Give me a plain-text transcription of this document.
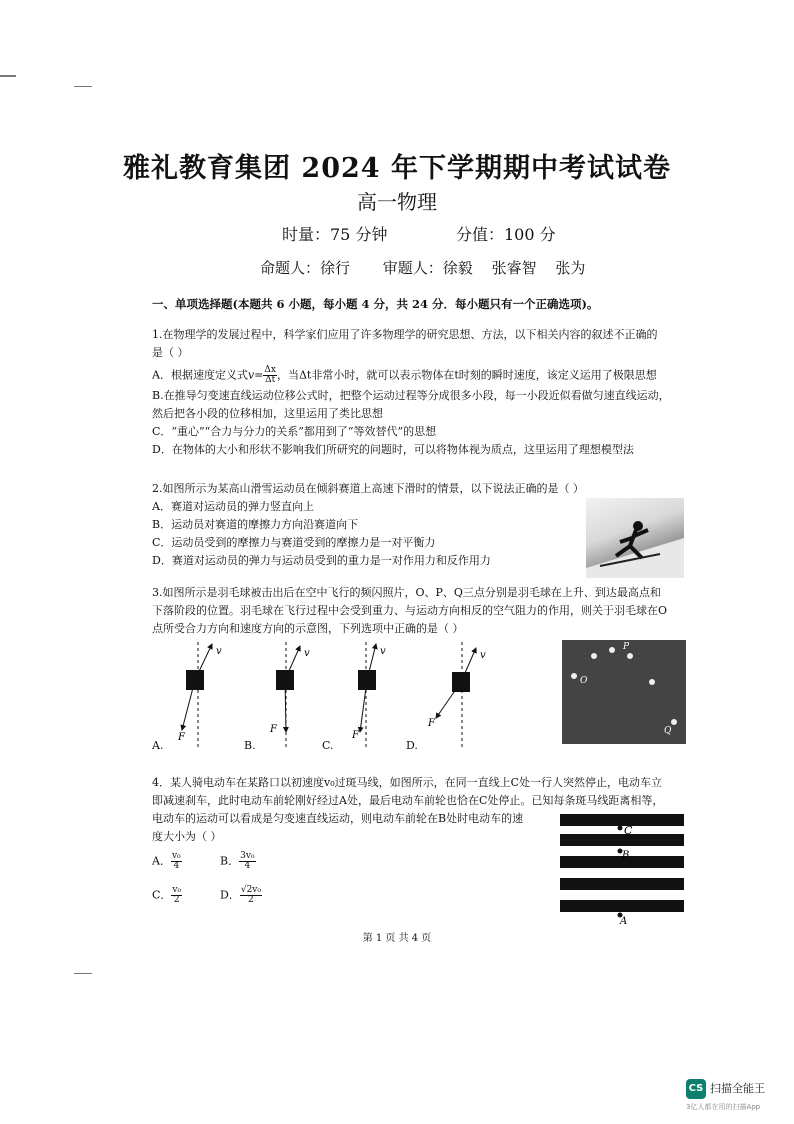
雅礼教育集团 2024 年下学期期中考试试卷
高一物理
时量：75 分钟	分值：100 分
命题人：徐行 审题人：徐毅 张睿智 张为
一、单项选择题(本题共 6 小题，每小题 4 分，共 24 分．每小题只有一个正确选项)。
1.在物理学的发展过程中，科学家们应用了许多物理学的研究思想、方法，以下相关内容的叙述不正确的
是（ ）
A．根据速度定义式$v= \frac{\Delta x}{\Delta t}$ ，当Δt非常小时，就可以表示物体在t时刻的瞬时速度，该定义运用了极限思想
B.在推导匀变速直线运动位移公式时，把整个运动过程等分成很多小段，每一小段近似看做匀速直线运动，
然后把各小段的位移相加，这里运用了类比思想
C．“重心”“合力与分力的关系”都用到了“等效替代”的思想
D．在物体的大小和形状不影响我们所研究的问题时，可以将物体视为质点，这里运用了理想模型法
2.如图所示为某高山滑雪运动员在倾斜赛道上高速下滑时的情景，以下说法正确的是（ ）
A．赛道对运动员的弹力竖直向上
B．运动员对赛道的摩擦力方向沿赛道向下
C．运动员受到的摩擦力与赛道受到的摩擦力是一对平衡力
D．赛道对运动员的弹力与运动员受到的重力是一对作用力和反作用力
3.如图所示是羽毛球被击出后在空中飞行的频闪照片，O、P、Q三点分别是羽毛球在上升、到达最高点和
下落阶段的位置。羽毛球在飞行过程中会受到重力、与运动方向相反的空气阻力的作用，则关于羽毛球在O
点所受合力方向和速度方向的示意图，下列选项中正确的是（ ）
v
F
v
F
v
F
v
F
A.	B.	C.	D.
P
O
Q
4．某人骑电动车在某路口以初速度v₀过斑马线，如图所示，在同一直线上C处一行人突然停止，电动车立
即减速刹车，此时电动车前轮刚好经过A处，最后电动车前轮也恰在C处停止。已知每条斑马线距离相等，
电动车的运动可以看成是匀变速直线运动，则电动车前轮在B处时电动车的速
度大小为（ ）
A． $\frac{\text{v₀}}{4}$	B． $\frac{\text{3v₀}}{4}$
C． $\frac{\text{v₀}}{2}$	D． $\frac{\text{√2v₀}}{2}$
C
B
A
第 1 页 共 4 页
CS 扫描全能王
3亿人都在用的扫描App
